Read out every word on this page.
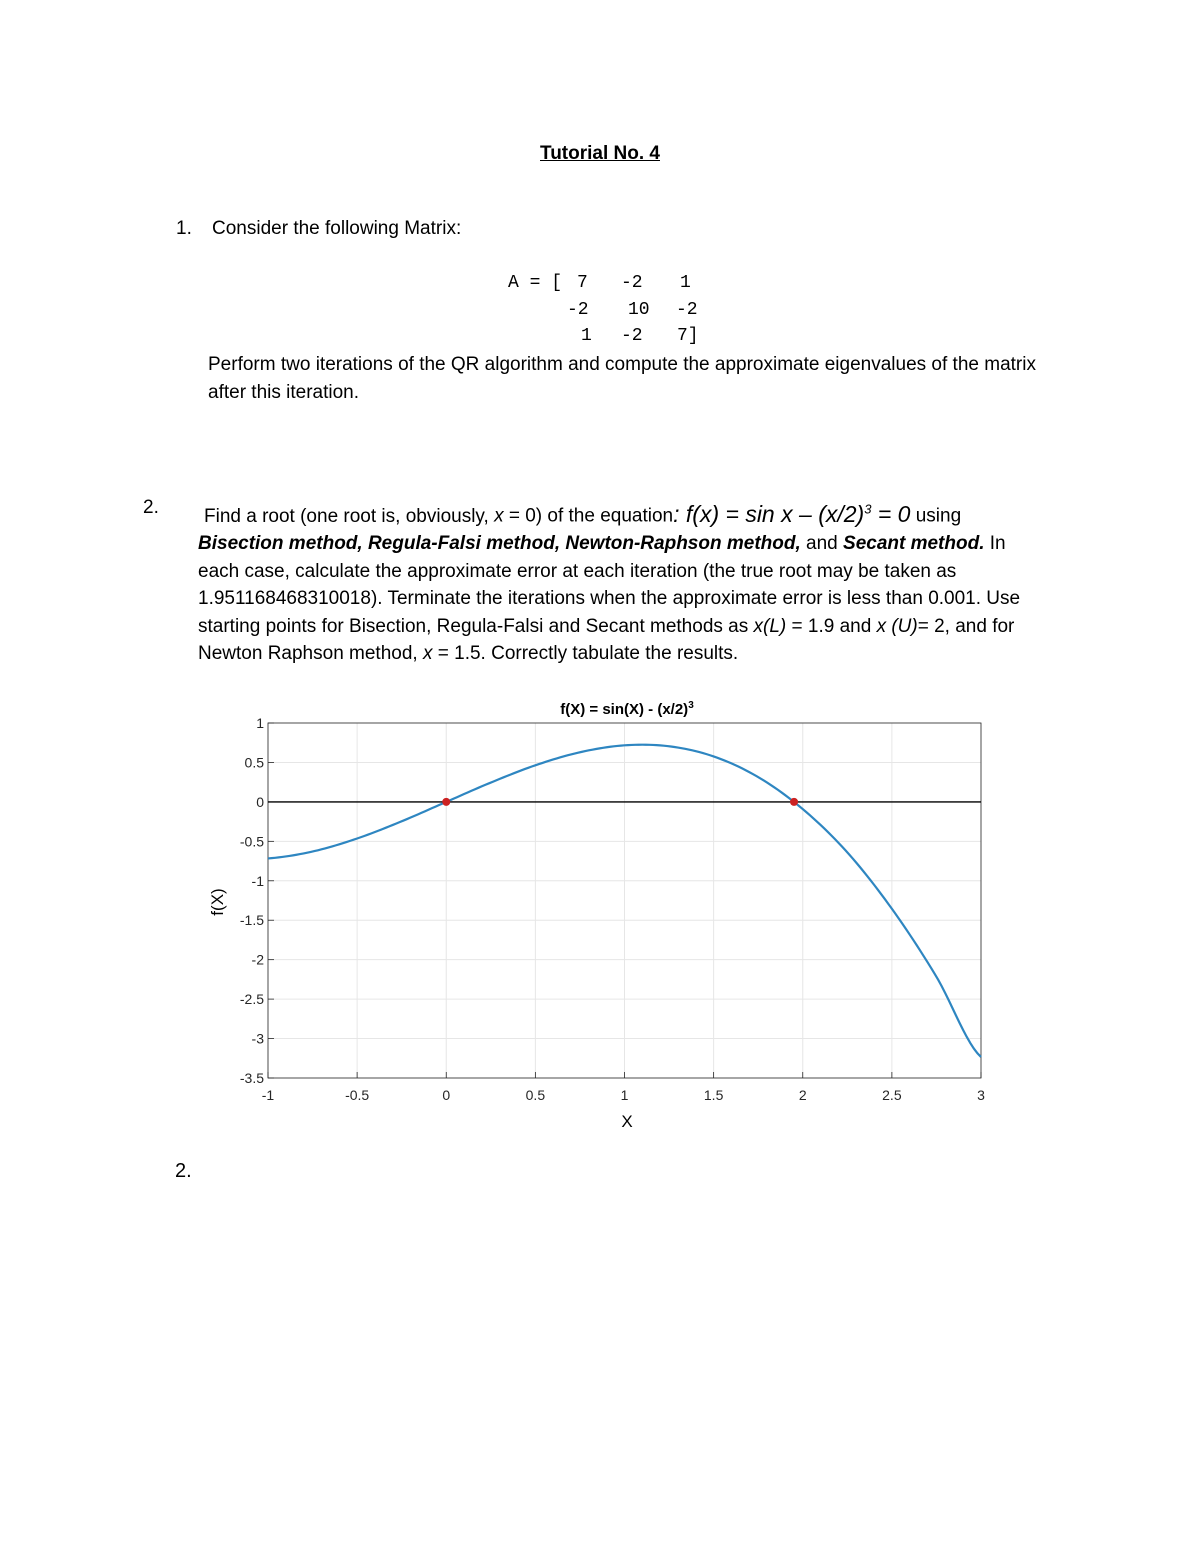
Tutorial No. 4
1. Consider the following Matrix:
A = [ 7 -2 1
-2 10 -2
1 -2 7]
Perform two iterations of the QR algorithm and compute the approximate eigenvalues of the matrix after this iteration.
2.	Find a root (one root is, obviously, x = 0) of the equation: $f(x) = \sin x - (x/2)^3 = 0$ using Bisection method, Regula-Falsi method, Newton-Raphson method, and Secant method. In each case, calculate the approximate error at each iteration (the true root may be taken as 1.951168468310018). Terminate the iterations when the approximate error is less than 0.001. Use starting points for Bisection, Regula-Falsi and Secant methods as x(L) = 1.9 and x (U)= 2, and for Newton Raphson method, x = 1.5. Correctly tabulate the results.
-1	-0.5	0	0.5	1	1.5	2	2.5	3
1
0.5
0
-0.5
-1
-1.5
-2
-2.5
-3
-3.5
$f(X) = \sin(X) - (x/2)^3$
X
f(X)
2.
